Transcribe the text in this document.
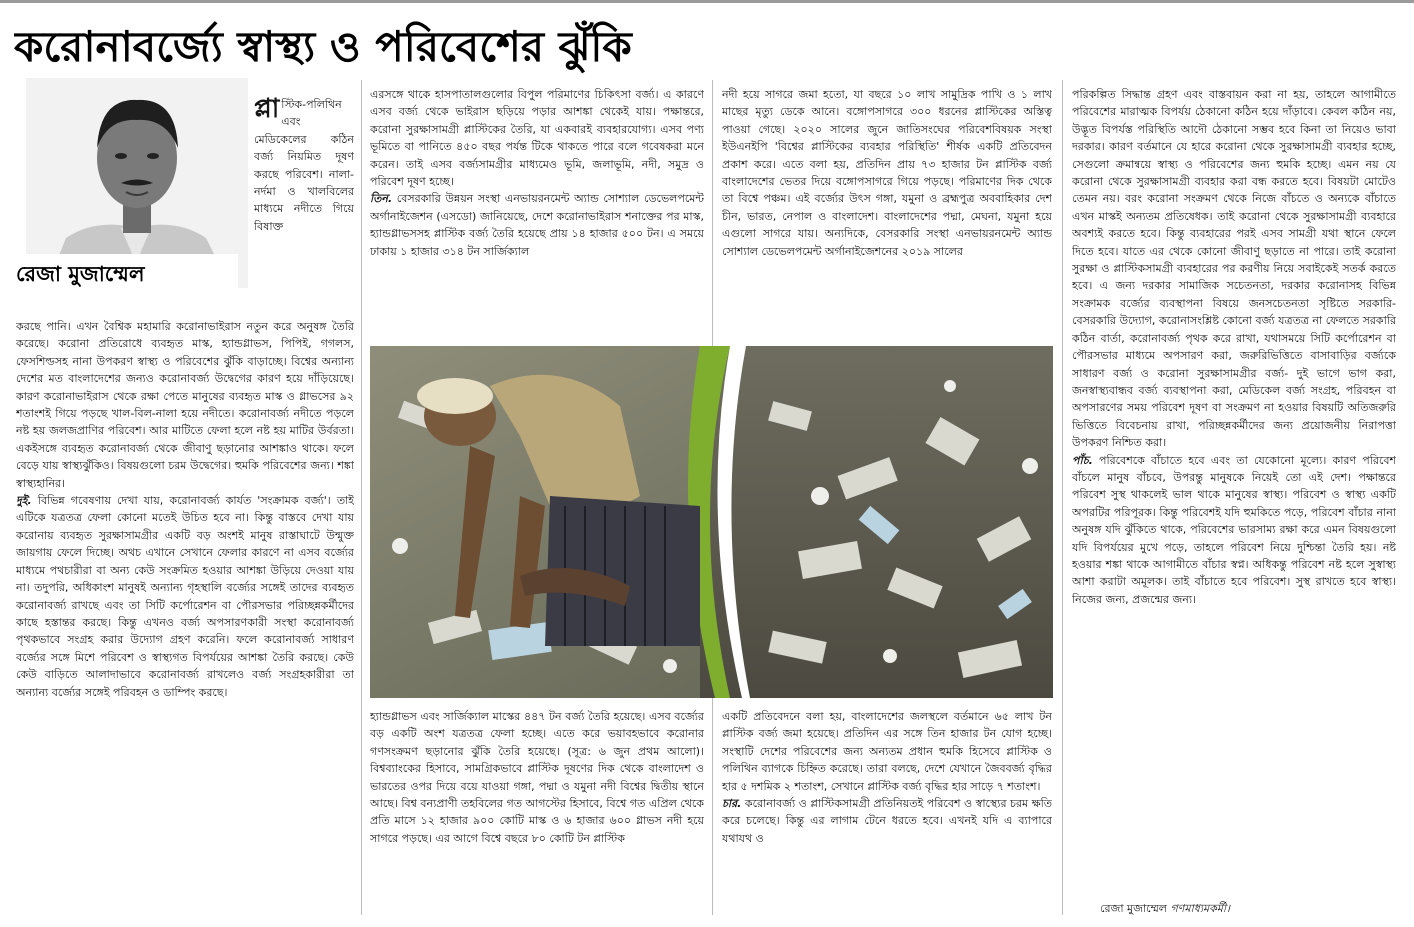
করোনাবর্জ্যে স্বাস্থ্য ও পরিবেশের ঝুঁকি

রেজা মুজাম্মেল

প্লা স্টিক-পলিথিন এবং মেডিকেলের কঠিন বর্জ্য নিয়মিত দূষণ করছে পরিবেশ। নালা-নর্দমা ও খালবিলের মাধ্যমে নদীতে গিয়ে বিষাক্ত

করছে পানি। এখন বৈশ্বিক মহামারি করোনাভাইরাস নতুন করে অনুষঙ্গ তৈরি করেছে। করোনা প্রতিরোধে ব্যবহৃত মাস্ক, হ্যান্ডগ্লাভস, পিপিই, গগলস, ফেসশিল্ডসহ নানা উপকরণ স্বাস্থ্য ও পরিবেশের ঝুঁকি বাড়াচ্ছে। বিশ্বের অন্যান্য দেশের মত বাংলাদেশের জন্যও করোনাবর্জ্য উদ্বেগের কারণ হয়ে দাঁড়িয়েছে। কারণ করোনাভাইরাস থেকে রক্ষা পেতে মানুষের ব্যবহৃত মাস্ক ও গ্লাভসের ৯২ শতাংশই গিয়ে পড়ছে খাল-বিল-নালা হয়ে নদীতে। করোনাবর্জ্য নদীতে পড়লে নষ্ট হয় জলজপ্রাণির পরিবেশ। আর মাটিতে ফেলা হলে নষ্ট হয় মাটির উর্বরতা। একইসঙ্গে ব্যবহৃত করোনাবর্জ্য থেকে জীবাণু ছড়ানোর আশঙ্কাও থাকে। ফলে বেড়ে যায় স্বাস্থ্যঝুঁকিও। বিষয়গুলো চরম উদ্বেগের। হুমকি পরিবেশের জন্য। শঙ্কা স্বাস্থ্যহানির।

দুই. বিভিন্ন গবেষণায় দেখা যায়, করোনাবর্জ্য কার্যত 'সংক্রামক বর্জ্য'। তাই এটিকে যত্রতত্র ফেলা কোনো মতেই উচিত হবে না। কিন্তু বাস্তবে দেখা যায় করোনায় ব্যবহৃত সুরক্ষাসামগ্রীর একটি বড় অংশই মানুষ রাস্তাঘাটে উন্মুক্ত জায়গায় ফেলে দিচ্ছে। অথচ এখানে সেখানে ফেলার কারণে না এসব বর্জ্যের মাধ্যমে পথচারীরা বা অন্য কেউ সংক্রমিত হওয়ার আশঙ্কা উড়িয়ে দেওয়া যায় না। তদুপরি, অধিকাংশ মানুষই অন্যান্য গৃহস্থালি বর্জ্যের সঙ্গেই তাদের ব্যবহৃত করোনাবর্জ্য রাখছে এবং তা সিটি কর্পোরেশন বা পৌরসভার পরিচ্ছন্নকর্মীদের কাছে হস্তান্তর করছে। কিন্তু এখনও বর্জ্য অপসারণকারী সংস্থা করোনাবর্জ্য পৃথকভাবে সংগ্রহ করার উদ্যোগ গ্রহণ করেনি। ফলে করোনাবর্জ্য সাধারণ বর্জ্যের সঙ্গে মিশে পরিবেশ ও স্বাস্থ্যগত বিপর্যয়ের আশঙ্কা তৈরি করছে। কেউ কেউ বাড়িতে আলাদাভাবে করোনাবর্জ্য রাখলেও বর্জ্য সংগ্রহকারীরা তা অন্যান্য বর্জ্যের সঙ্গেই পরিবহন ও ডাম্পিং করছে।

এরসঙ্গে থাকে হাসপাতালগুলোর বিপুল পরিমাণের চিকিৎসা বর্জ্য। এ কারণে এসব বর্জ্য থেকে ভাইরাস ছড়িয়ে পড়ার আশঙ্কা থেকেই যায়। পক্ষান্তরে, করোনা সুরক্ষাসামগ্রী প্লাস্টিকের তৈরি, যা একবারই ব্যবহারযোগ্য। এসব পণ্য ভূমিতে বা পানিতে ৪৫০ বছর পর্যন্ত টিকে থাকতে পারে বলে গবেষকরা মনে করেন। তাই এসব বর্জ্যসামগ্রীর মাধ্যমেও ভূমি, জলাভূমি, নদী, সমুদ্র ও পরিবেশ দূষণ হচ্ছে।

তিন. বেসরকারি উন্নয়ন সংস্থা এনভায়রনমেন্ট অ্যান্ড সোশ্যাল ডেভেলপমেন্ট অর্গানাইজেশন (এসডো) জানিয়েছে, দেশে করোনাভাইরাস শনাক্তের পর মাস্ক, হ্যান্ডগ্লাভসসহ প্লাস্টিক বর্জ্য তৈরি হয়েছে প্রায় ১৪ হাজার ৫০০ টন। এ সময়ে ঢাকায় ১ হাজার ৩১৪ টন সার্জিক্যাল

হ্যান্ডগ্লাভস এবং সার্জিক্যাল মাস্কের ৪৪৭ টন বর্জ্য তৈরি হয়েছে। এসব বর্জ্যের বড় একটি অংশ যত্রতত্র ফেলা হচ্ছে। এতে করে ভয়াবহভাবে করোনার গণসংক্রমণ ছড়ানোর ঝুঁকি তৈরি হয়েছে। (সূত্র: ৬ জুন প্রথম আলো)। বিশ্বব্যাংকের হিসাবে, সামগ্রিকভাবে প্লাস্টিক দূষণের দিক থেকে বাংলাদেশ ও ভারতের ওপর দিয়ে বয়ে যাওয়া গঙ্গা, পদ্মা ও যমুনা নদী বিশ্বের দ্বিতীয় স্থানে আছে। বিশ্ব বন্যপ্রাণী তহবিলের গত আগস্টের হিসাবে, বিশ্বে গত এপ্রিল থেকে প্রতি মাসে ১২ হাজার ৯০০ কোটি মাস্ক ও ৬ হাজার ৬০০ গ্লাভস নদী হয়ে সাগরে পড়ছে। এর আগে বিশ্বে বছরে ৮০ কোটি টন প্লাস্টিক

নদী হয়ে সাগরে জমা হতো, যা বছরে ১০ লাখ সামুদ্রিক পাখি ও ১ লাখ মাছের মৃত্যু ডেকে আনে। বঙ্গোপসাগরে ৩০০ ধরনের প্লাস্টিকের অস্তিত্ব পাওয়া গেছে। ২০২০ সালের জুনে জাতিসংঘের পরিবেশবিষয়ক সংস্থা ইউএনইপি 'বিশ্বের প্লাস্টিকের ব্যবহার পরিস্থিতি' শীর্ষক একটি প্রতিবেদন প্রকাশ করে। এতে বলা হয়, প্রতিদিন প্রায় ৭৩ হাজার টন প্লাস্টিক বর্জ্য বাংলাদেশের ভেতর দিয়ে বঙ্গোপসাগরে গিয়ে পড়ছে। পরিমাণের দিক থেকে তা বিশ্বে পঞ্চম। এই বর্জ্যের উৎস গঙ্গা, যমুনা ও ব্রহ্মপুত্র অববাহিকার দেশ চীন, ভারত, নেপাল ও বাংলাদেশ। বাংলাদেশের পদ্মা, মেঘনা, যমুনা হয়ে এগুলো সাগরে যায়। অন্যদিকে, বেসরকারি সংস্থা এনভায়রনমেন্ট অ্যান্ড সোশ্যাল ডেভেলপমেন্ট অর্গানাইজেশনের ২০১৯ সালের

একটি প্রতিবেদনে বলা হয়, বাংলাদেশের জলস্থলে বর্তমানে ৬৫ লাখ টন প্লাস্টিক বর্জ্য জমা হয়েছে। প্রতিদিন এর সঙ্গে তিন হাজার টন যোগ হচ্ছে। সংস্থাটি দেশের পরিবেশের জন্য অন্যতম প্রধান হুমকি হিসেবে প্লাস্টিক ও পলিথিন ব্যাগকে চিহ্নিত করেছে। তারা বলছে, দেশে যেখানে জৈববর্জ্য বৃদ্ধির হার ৫ দশমিক ২ শতাংশ, সেখানে প্লাস্টিক বর্জ্য বৃদ্ধির হার সাড়ে ৭ শতাংশ।

চার. করোনাবর্জ্য ও প্লাস্টিকসামগ্রী প্রতিনিয়তই পরিবেশ ও স্বাস্থ্যের চরম ক্ষতি করে চলেছে। কিন্তু এর লাগাম টেনে ধরতে হবে। এখনই যদি এ ব্যাপারে যথাযথ ও

পরিকল্পিত সিদ্ধান্ত গ্রহণ এবং বাস্তবায়ন করা না হয়, তাহলে আগামীতে পরিবেশের মারাত্মক বিপর্যয় ঠেকানো কঠিন হয়ে দাঁড়াবে। কেবল কঠিন নয়, উদ্ভূত বিপর্যস্ত পরিস্থিতি আদৌ ঠেকানো সম্ভব হবে কিনা তা নিয়েও ভাবা দরকার। কারণ বর্তমানে যে হারে করোনা থেকে সুরক্ষাসামগ্রী ব্যবহার হচ্ছে, সেগুলো ক্রমান্বয়ে স্বাস্থ্য ও পরিবেশের জন্য হুমকি হচ্ছে। এমন নয় যে করোনা থেকে সুরক্ষাসামগ্রী ব্যবহার করা বন্ধ করতে হবে। বিষয়টা মোটেও তেমন নয়। বরং করোনা সংক্রমণ থেকে নিজে বাঁচতে ও অন্যকে বাঁচাতে এখন মাস্কই অন্যতম প্রতিষেধক। তাই করোনা থেকে সুরক্ষাসামগ্রী ব্যবহারে অবশ্যই করতে হবে। কিন্তু ব্যবহারের পরই এসব সামগ্রী যথা স্থানে ফেলে দিতে হবে। যাতে এর থেকে কোনো জীবাণু ছড়াতে না পারে। তাই করোনা সুরক্ষা ও প্লাস্টিকসামগ্রী ব্যবহারের পর করণীয় নিয়ে সবাইকেই সতর্ক করতে হবে। এ জন্য দরকার সামাজিক সচেতনতা, দরকার করোনাসহ বিভিন্ন সংক্রামক বর্জ্যের ব্যবস্থাপনা বিষয়ে জনসচেতনতা সৃষ্টিতে সরকারি-বেসরকারি উদ্যোগ, করোনাসংশ্লিষ্ট কোনো বর্জ্য যত্রতত্র না ফেলতে সরকারি কঠিন বার্তা, করোনাবর্জ্য পৃথক করে রাখা, যথাসময়ে সিটি কর্পোরেশন বা পৌরসভার মাধ্যমে অপসারণ করা, জরুরিভিত্তিতে বাসাবাড়ির বর্জ্যকে সাধারণ বর্জ্য ও করোনা সুরক্ষাসামগ্রীর বর্জ্য- দুই ভাগে ভাগ করা, জনস্বাস্থ্যবান্ধব বর্জ্য ব্যবস্থাপনা করা, মেডিকেল বর্জ্য সংগ্রহ, পরিবহন বা অপসারণের সময় পরিবেশ দূষণ বা সংক্রমণ না হওয়ার বিষয়টি অতিজরুরি ভিত্তিতে বিবেচনায় রাখা, পরিচ্ছন্নকর্মীদের জন্য প্রয়োজনীয় নিরাপত্তা উপকরণ নিশ্চিত করা।

পাঁচ. পরিবেশকে বাঁচাতে হবে এবং তা যেকোনো মূল্যে। কারণ পরিবেশ বাঁচলে মানুষ বাঁচবে, উপরন্তু মানুষকে নিয়েই তো এই দেশ। পক্ষান্তরে পরিবেশ সুস্থ থাকলেই ভাল থাকে মানুষের স্বাস্থ্য। পরিবেশ ও স্বাস্থ্য একটি অপরটির পরিপূরক। কিন্তু পরিবেশই যদি হুমকিতে পড়ে, পরিবেশ বাঁচার নানা অনুষঙ্গ যদি ঝুঁকিতে থাকে, পরিবেশের ভারসাম্য রক্ষা করে এমন বিষয়গুলো যদি বিপর্যয়ের মুখে পড়ে, তাহলে পরিবেশ নিয়ে দুশ্চিন্তা তৈরি হয়। নষ্ট হওয়ার শঙ্কা থাকে আগামীতে বাঁচার স্বপ্ন। অধিকন্তু পরিবেশ নষ্ট হলে সুস্বাস্থ্য আশা করাটা অমূলক। তাই বাঁচাতে হবে পরিবেশ। সুস্থ রাখতে হবে স্বাস্থ্য। নিজের জন্য, প্রজন্মের জন্য।

রেজা মুজাম্মেল গণমাধ্যমকর্মী।
